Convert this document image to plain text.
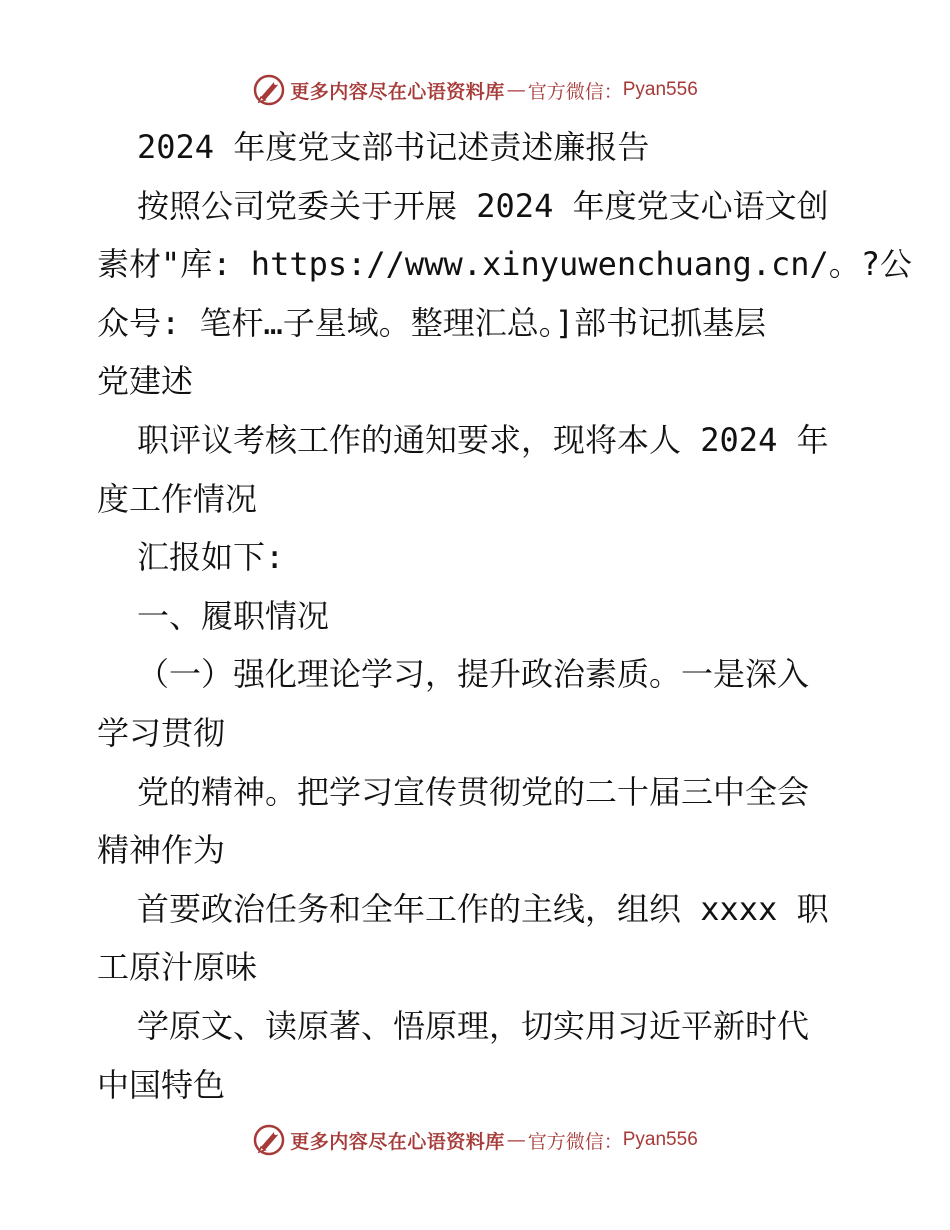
更多内容尽在心语资料库 — 官方微信： Pyan556
2024 年度党支部书记述责述廉报告
按照公司党委关于开展 2024 年度党支心语文创
素材"库: https://www.xinyuwenchuang.cn/。?公
众号: 笔杆…子星域。整理汇总。]部书记抓基层
党建述
职评议考核工作的通知要求，现将本人 2024 年
度工作情况
汇报如下:
一、履职情况
（一）强化理论学习，提升政治素质。一是深入
学习贯彻
党的精神。把学习宣传贯彻党的二十届三中全会
精神作为
首要政治任务和全年工作的主线，组织 xxxx 职
工原汁原味
学原文、读原著、悟原理，切实用习近平新时代
中国特色
更多内容尽在心语资料库 — 官方微信： Pyan556
